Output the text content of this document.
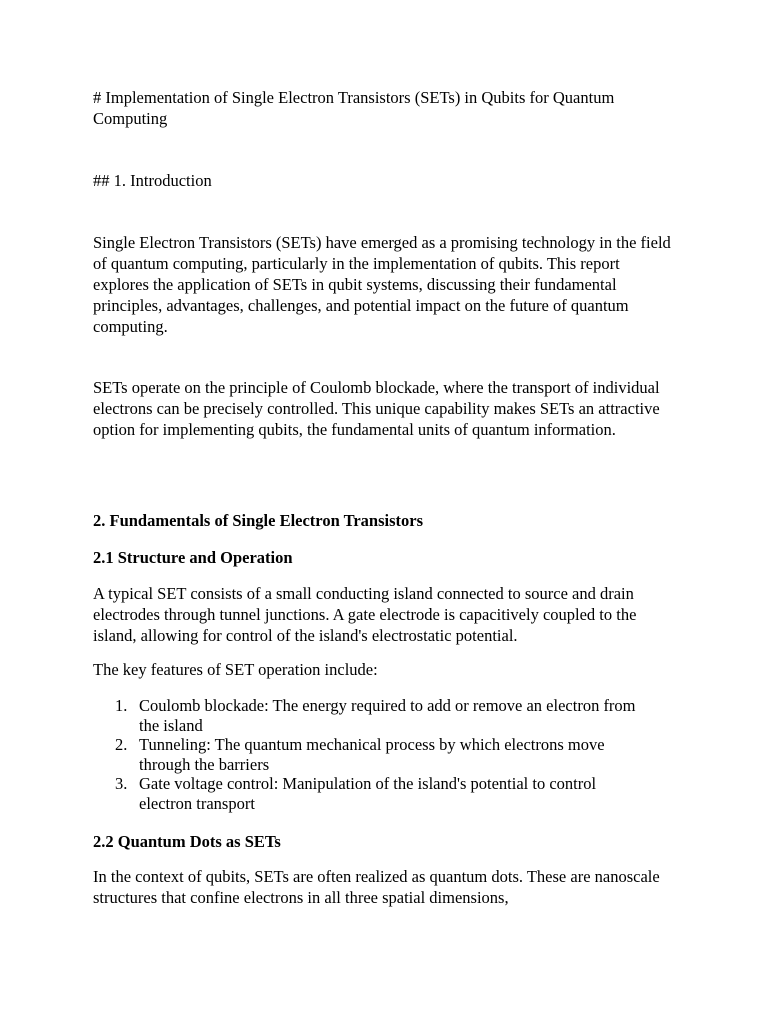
# Implementation of Single Electron Transistors (SETs) in Qubits for Quantum Computing

## 1. Introduction

Single Electron Transistors (SETs) have emerged as a promising technology in the field of quantum computing, particularly in the implementation of qubits. This report explores the application of SETs in qubit systems, discussing their fundamental principles, advantages, challenges, and potential impact on the future of quantum computing.

SETs operate on the principle of Coulomb blockade, where the transport of individual electrons can be precisely controlled. This unique capability makes SETs an attractive option for implementing qubits, the fundamental units of quantum information.

2. Fundamentals of Single Electron Transistors

2.1 Structure and Operation

A typical SET consists of a small conducting island connected to source and drain electrodes through tunnel junctions. A gate electrode is capacitively coupled to the island, allowing for control of the island's electrostatic potential.

The key features of SET operation include:

1. Coulomb blockade: The energy required to add or remove an electron from the island
2. Tunneling: The quantum mechanical process by which electrons move through the barriers
3. Gate voltage control: Manipulation of the island's potential to control electron transport

2.2 Quantum Dots as SETs

In the context of qubits, SETs are often realized as quantum dots. These are nanoscale structures that confine electrons in all three spatial dimensions,
